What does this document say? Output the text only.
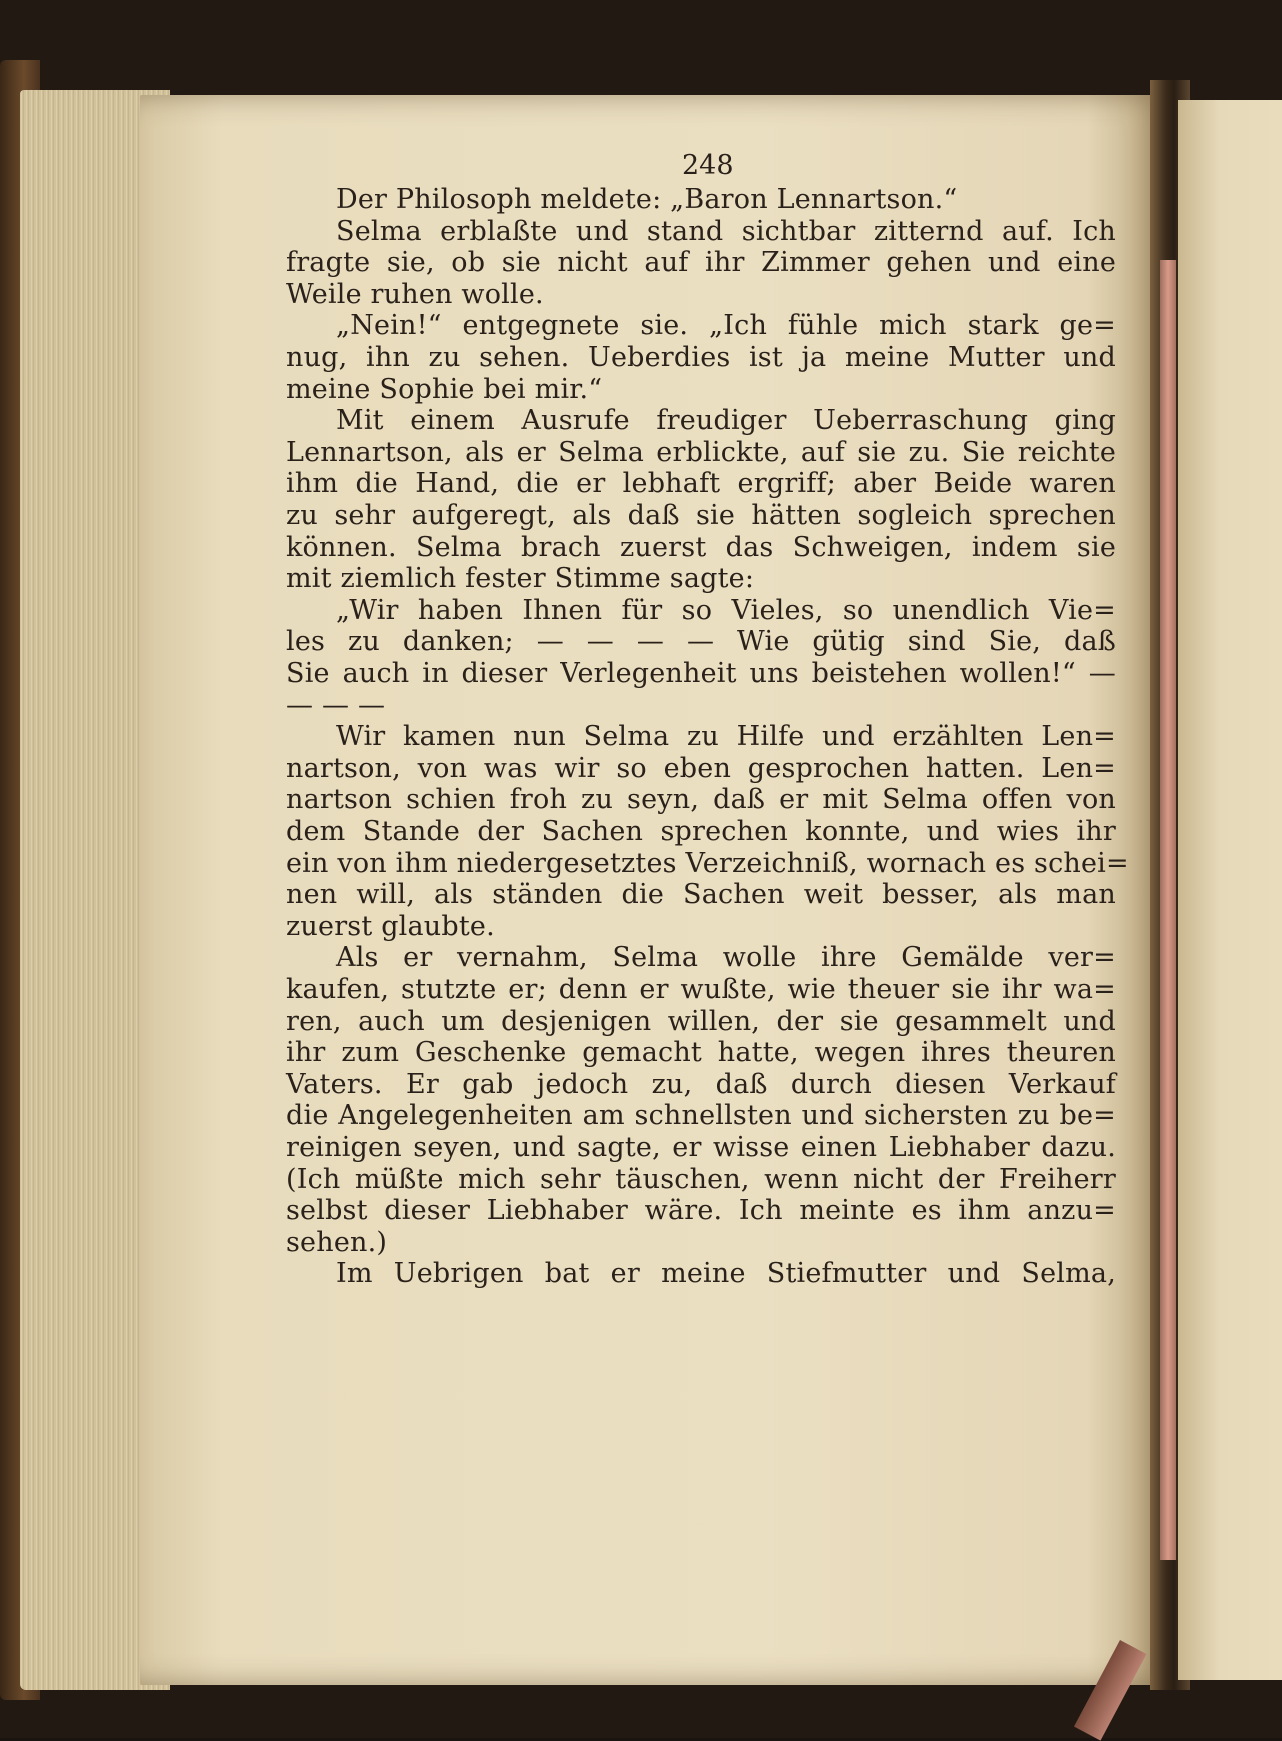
248
Der Philosoph meldete: „Baron Lennartson.“
Selma erblaßte und stand sichtbar zitternd auf. Ich
fragte sie, ob sie nicht auf ihr Zimmer gehen und eine
Weile ruhen wolle.
„Nein!“ entgegnete sie. „Ich fühle mich stark ge=
nug, ihn zu sehen. Ueberdies ist ja meine Mutter und
meine Sophie bei mir.“
Mit einem Ausrufe freudiger Ueberraschung ging
Lennartson, als er Selma erblickte, auf sie zu. Sie reichte
ihm die Hand, die er lebhaft ergriff; aber Beide waren
zu sehr aufgeregt, als daß sie hätten sogleich sprechen
können. Selma brach zuerst das Schweigen, indem sie
mit ziemlich fester Stimme sagte:
„Wir haben Ihnen für so Vieles, so unendlich Vie=
les zu danken; — — — — Wie gütig sind Sie, daß
Sie auch in dieser Verlegenheit uns beistehen wollen!“ —
— — —
Wir kamen nun Selma zu Hilfe und erzählten Len=
nartson, von was wir so eben gesprochen hatten. Len=
nartson schien froh zu seyn, daß er mit Selma offen von
dem Stande der Sachen sprechen konnte, und wies ihr
ein von ihm niedergesetztes Verzeichniß, wornach es schei=
nen will, als ständen die Sachen weit besser, als man
zuerst glaubte.
Als er vernahm, Selma wolle ihre Gemälde ver=
kaufen, stutzte er; denn er wußte, wie theuer sie ihr wa=
ren, auch um desjenigen willen, der sie gesammelt und
ihr zum Geschenke gemacht hatte, wegen ihres theuren
Vaters. Er gab jedoch zu, daß durch diesen Verkauf
die Angelegenheiten am schnellsten und sichersten zu be=
reinigen seyen, und sagte, er wisse einen Liebhaber dazu.
(Ich müßte mich sehr täuschen, wenn nicht der Freiherr
selbst dieser Liebhaber wäre. Ich meinte es ihm anzu=
sehen.)
Im Uebrigen bat er meine Stiefmutter und Selma,
